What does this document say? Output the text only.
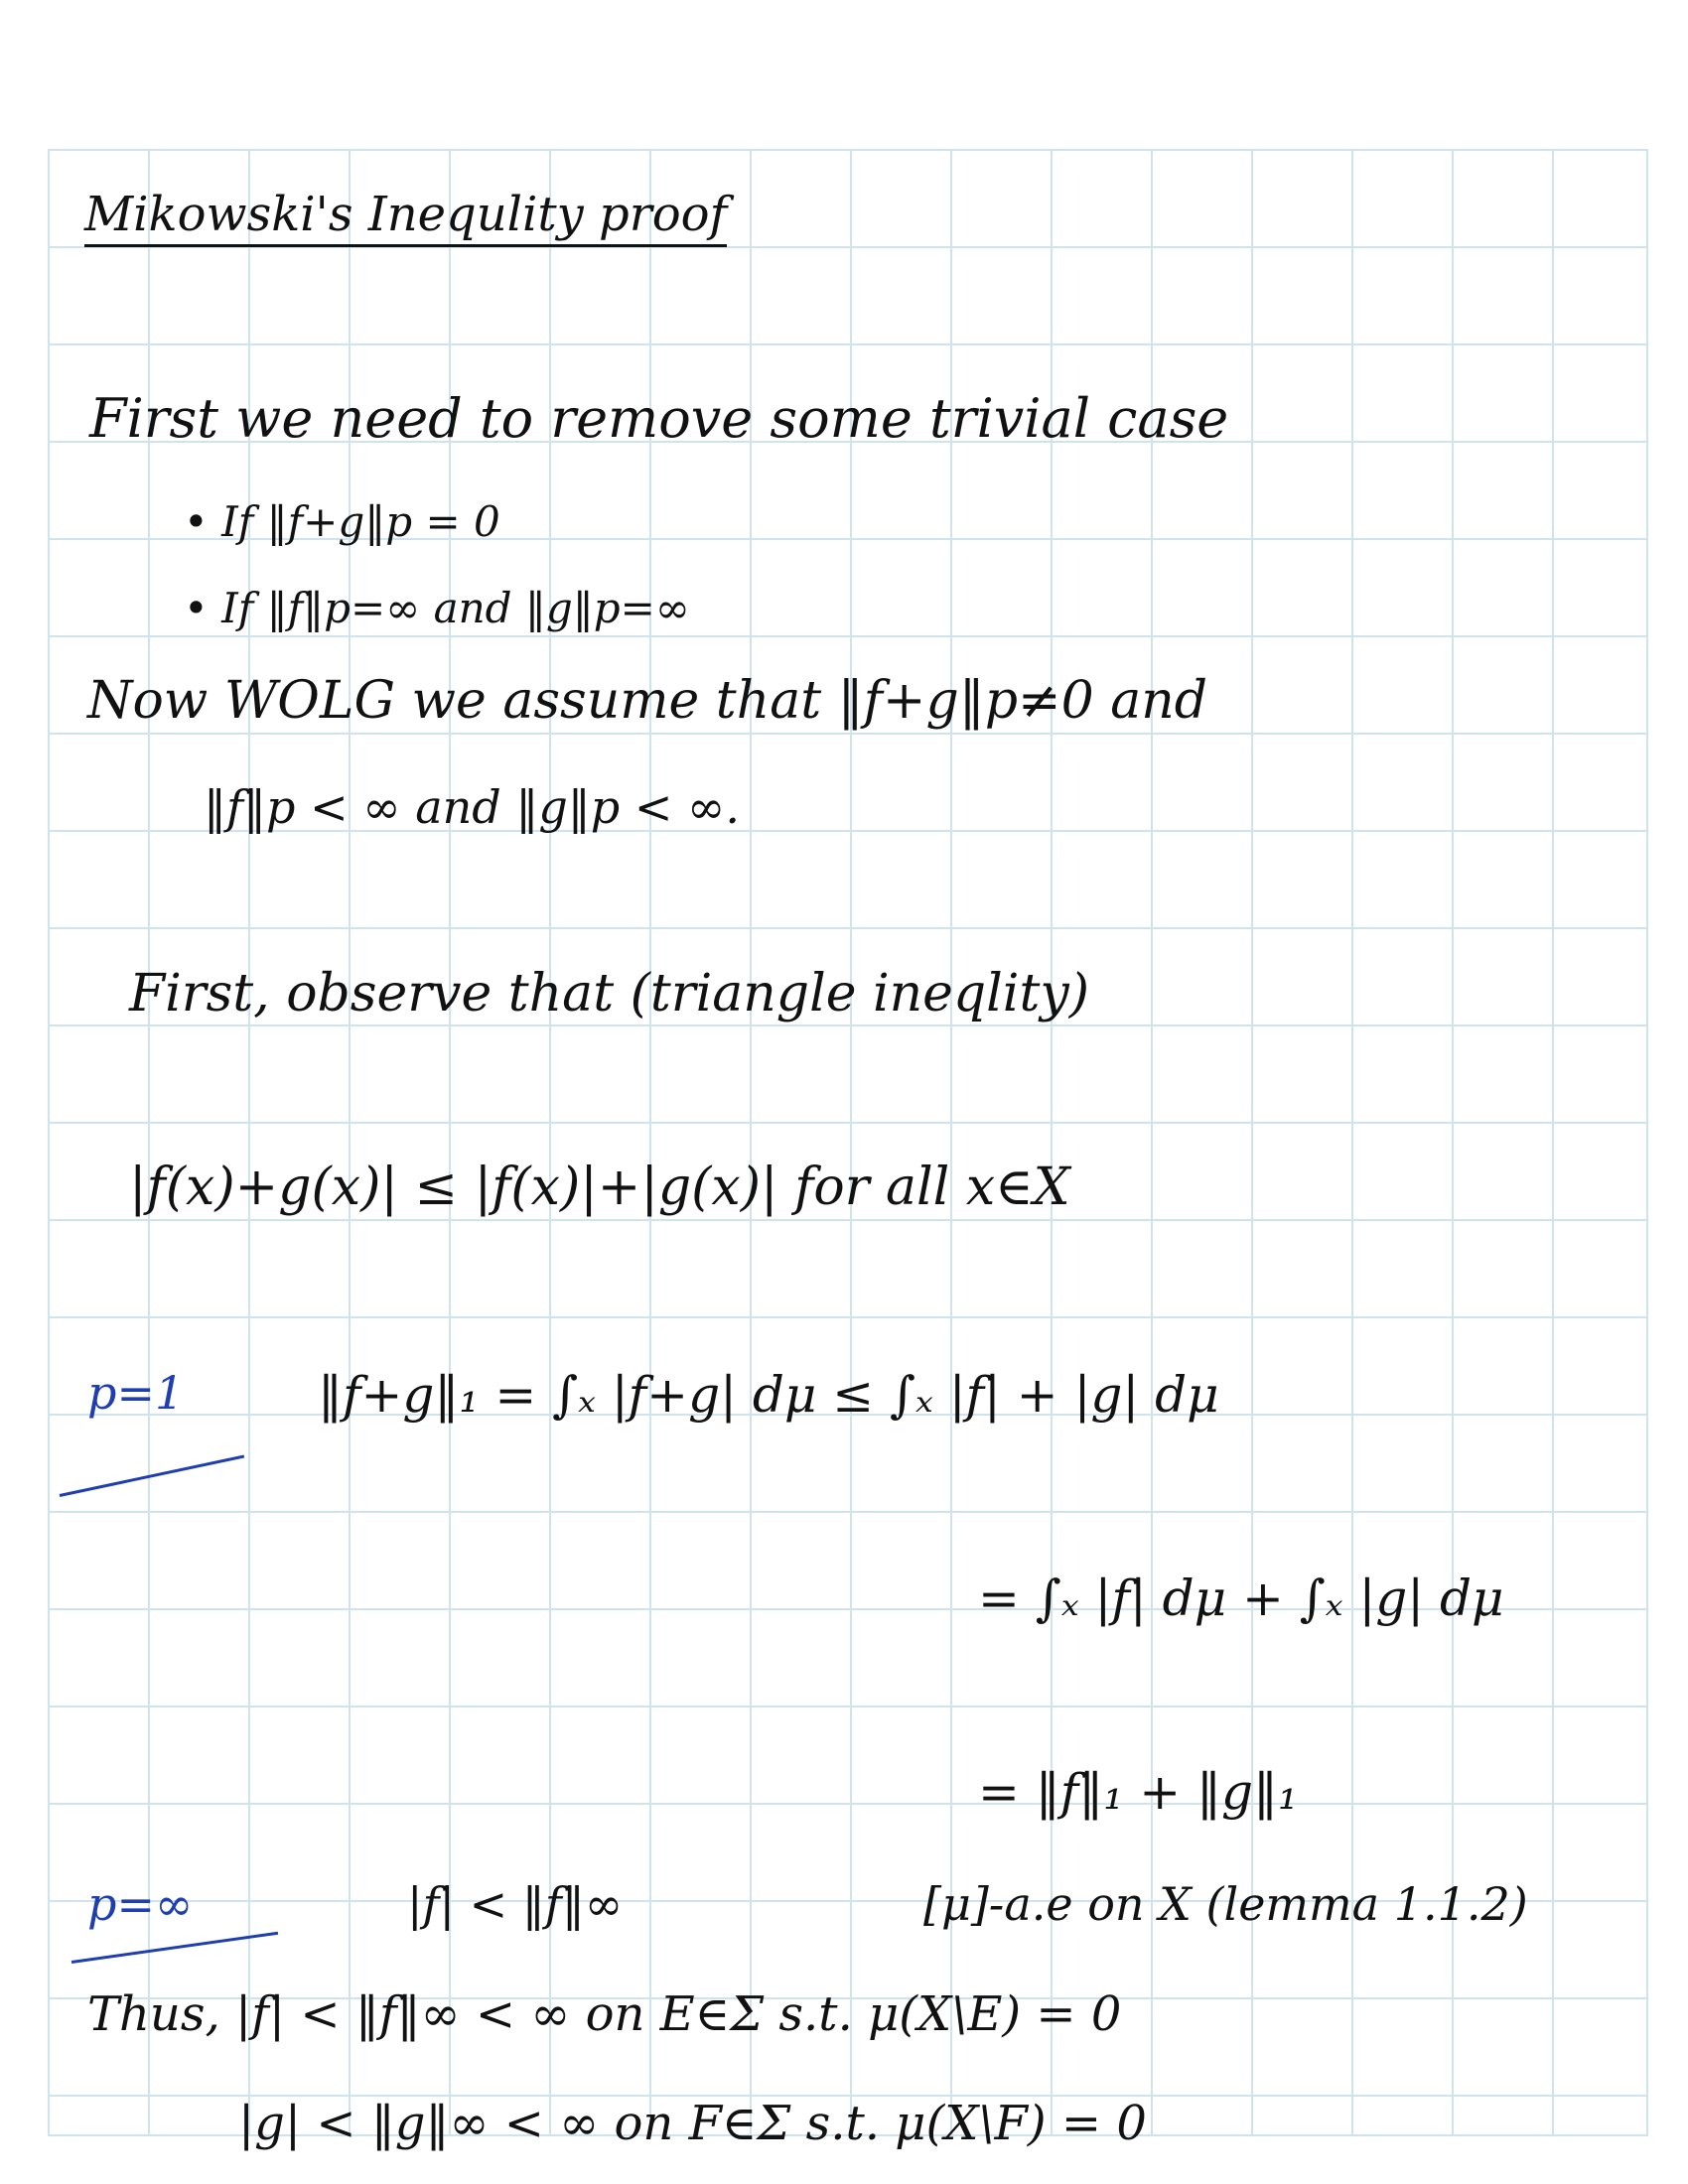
Mikowski's Inequlity proof
First we need to remove some trivial case
• If ‖f+g‖p = 0
• If ‖f‖p=∞ and ‖g‖p=∞
Now WOLG we assume that ‖f+g‖p≠0 and
‖f‖p < ∞ and ‖g‖p < ∞.
First, observe that (triangle ineqlity)
|f(x)+g(x)| ≤ |f(x)|+|g(x)| for all x∈X
p=1	‖f+g‖₁ = ∫ₓ |f+g| dμ ≤ ∫ₓ |f| + |g| dμ
= ∫ₓ |f| dμ + ∫ₓ |g| dμ
= ‖f‖₁ + ‖g‖₁
p=∞	|f| < ‖f‖∞	[μ]-a.e on X (lemma 1.1.2)
Thus, |f| < ‖f‖∞ < ∞ on E∈Σ s.t. μ(X\E) = 0
|g| < ‖g‖∞ < ∞ on F∈Σ s.t. μ(X\F) = 0
